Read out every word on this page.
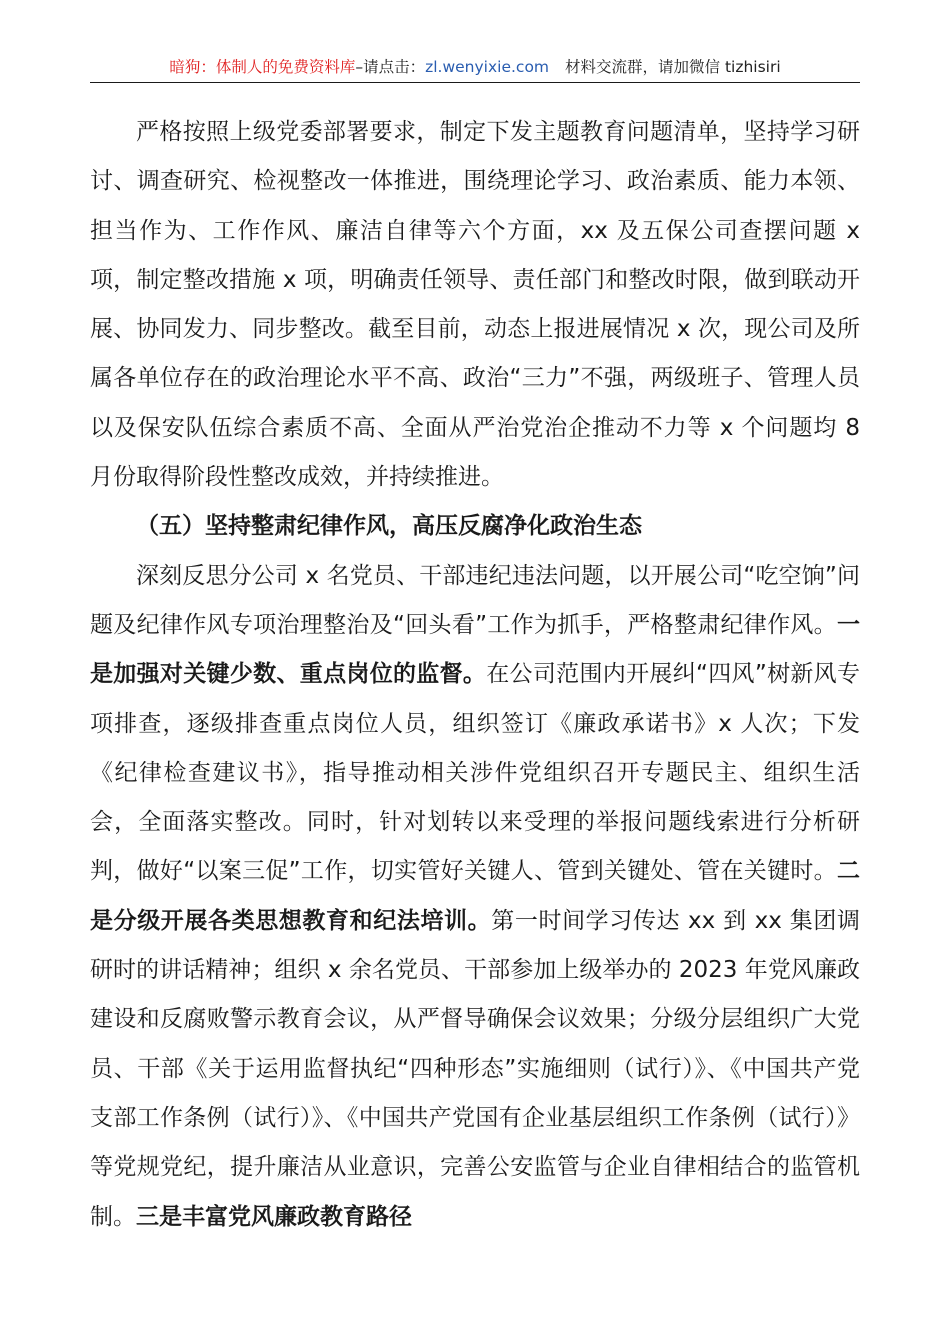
暗狗：体制人的免费资料库–请点击：zl.wenyixie.com 材料交流群，请加微信 tizhisiri

严格按照上级党委部署要求，制定下发主题教育问题清单，坚持学习研讨、调查研究、检视整改一体推进，围绕理论学习、政治素质、能力本领、担当作为、工作作风、廉洁自律等六个方面，xx 及五保公司查摆问题 x 项，制定整改措施 x 项，明确责任领导、责任部门和整改时限，做到联动开展、协同发力、同步整改。截至目前，动态上报进展情况 x 次，现公司及所属各单位存在的政治理论水平不高、政治“三力”不强，两级班子、管理人员以及保安队伍综合素质不高、全面从严治党治企推动不力等 x 个问题均 8 月份取得阶段性整改成效，并持续推进。

（五）坚持整肃纪律作风，高压反腐净化政治生态

深刻反思分公司 x 名党员、干部违纪违法问题，以开展公司“吃空饷”问题及纪律作风专项治理整治及“回头看”工作为抓手，严格整肃纪律作风。一是加强对关键少数、重点岗位的监督。在公司范围内开展纠“四风”树新风专项排查，逐级排查重点岗位人员，组织签订《廉政承诺书》x 人次；下发《纪律检查建议书》，指导推动相关涉件党组织召开专题民主、组织生活会，全面落实整改。同时，针对划转以来受理的举报问题线索进行分析研判，做好“以案三促”工作，切实管好关键人、管到关键处、管在关键时。二是分级开展各类思想教育和纪法培训。第一时间学习传达 xx 到 xx 集团调研时的讲话精神；组织 x 余名党员、干部参加上级举办的 2023 年党风廉政建设和反腐败警示教育会议，从严督导确保会议效果；分级分层组织广大党员、干部《关于运用监督执纪“四种形态”实施细则（试行）》、《中国共产党支部工作条例（试行）》、《中国共产党国有企业基层组织工作条例（试行）》等党规党纪，提升廉洁从业意识，完善公安监管与企业自律相结合的监管机制。三是丰富党风廉政教育路径
